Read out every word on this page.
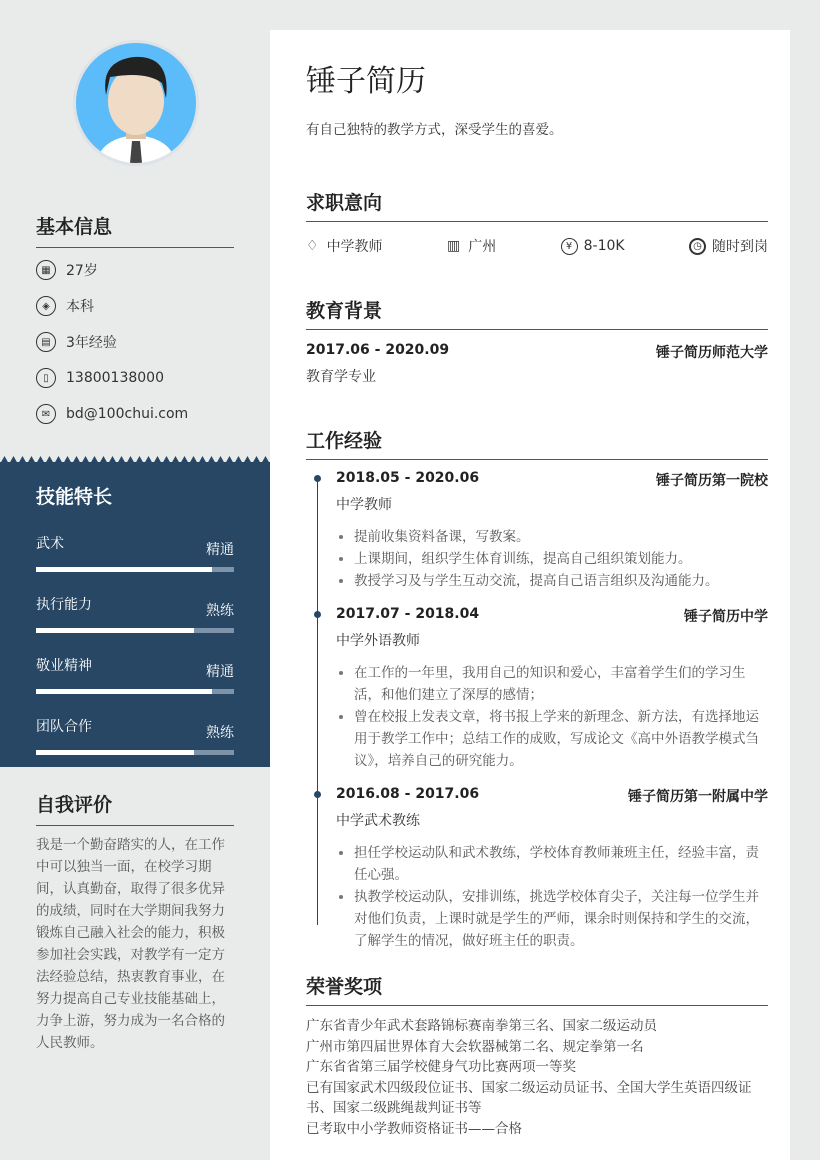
基本信息
▦	27岁
◈	本科
▤	3年经验
▯	13800138000
✉	bd@100chui.com
技能特长
武术	精通
执行能力	熟练
敬业精神	精通
团队合作	熟练
自我评价

我是一个勤奋踏实的人，在工作中可以独当一面，在校学习期间，认真勤奋，取得了很多优异的成绩，同时在大学期间我努力锻炼自己融入社会的能力，积极参加社会实践，对教学有一定方法经验总结，热衷教育事业，在努力提高自己专业技能基础上，力争上游，努力成为一名合格的人民教师。

锤子简历
有自己独特的教学方式，深受学生的喜爱。
求职意向
♢ 中学教师	▥ 广州	¥ 8-10K	◷ 随时到岗
教育背景
2017.06 - 2020.09	锤子简历师范大学
教育学专业
工作经验
2018.05 - 2020.06	锤子简历第一院校
中学教师
• 提前收集资料备课，写教案。
• 上课期间，组织学生体育训练，提高自己组织策划能力。
• 教授学习及与学生互动交流，提高自己语言组织及沟通能力。
2017.07 - 2018.04	锤子简历中学
中学外语教师
• 在工作的一年里，我用自己的知识和爱心，丰富着学生们的学习生活，和他们建立了深厚的感情；
• 曾在校报上发表文章，将书报上学来的新理念、新方法，有选择地运用于教学工作中；总结工作的成败，写成论文《高中外语教学模式刍议》，培养自己的研究能力。
2016.08 - 2017.06	锤子简历第一附属中学
中学武术教练
• 担任学校运动队和武术教练，学校体育教师兼班主任，经验丰富，责任心强。
• 执教学校运动队，安排训练，挑选学校体育尖子，关注每一位学生并对他们负责，上课时就是学生的严师，课余时则保持和学生的交流，了解学生的情况，做好班主任的职责。
荣誉奖项

广东省青少年武术套路锦标赛南拳第三名、国家二级运动员

广州市第四届世界体育大会软器械第二名、规定拳第一名

广东省省第三届学校健身气功比赛两项一等奖

已有国家武术四级段位证书、国家二级运动员证书、全国大学生英语四级证书、国家二级跳绳裁判证书等

已考取中小学教师资格证书——合格
